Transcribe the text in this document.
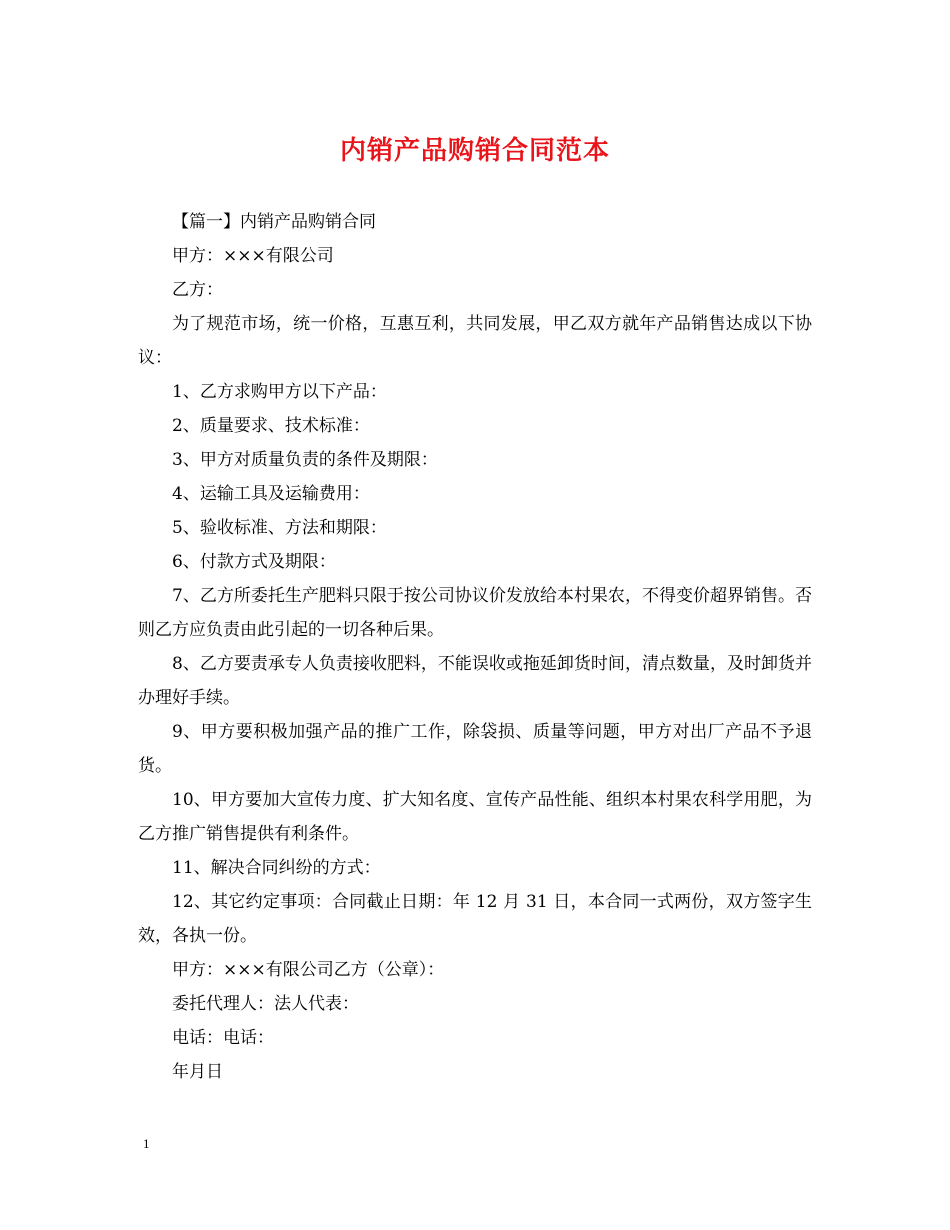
内销产品购销合同范本

【篇一】内销产品购销合同

甲方：×××有限公司

乙方：

为了规范市场，统一价格，互惠互利，共同发展，甲乙双方就年产品销售达成以下协议：

1、乙方求购甲方以下产品：

2、质量要求、技术标准：

3、甲方对质量负责的条件及期限：

4、运输工具及运输费用：

5、验收标准、方法和期限：

6、付款方式及期限：

7、乙方所委托生产肥料只限于按公司协议价发放给本村果农，不得变价超界销售。否则乙方应负责由此引起的一切各种后果。

8、乙方要责承专人负责接收肥料，不能误收或拖延卸货时间，清点数量，及时卸货并办理好手续。

9、甲方要积极加强产品的推广工作，除袋损、质量等问题，甲方对出厂产品不予退货。

10、甲方要加大宣传力度、扩大知名度、宣传产品性能、组织本村果农科学用肥，为乙方推广销售提供有利条件。

11、解决合同纠纷的方式：

12、其它约定事项：合同截止日期：年 12 月 31 日，本合同一式两份，双方签字生效，各执一份。

甲方：×××有限公司乙方（公章）：

委托代理人：法人代表：

电话：电话：

年月日

1
